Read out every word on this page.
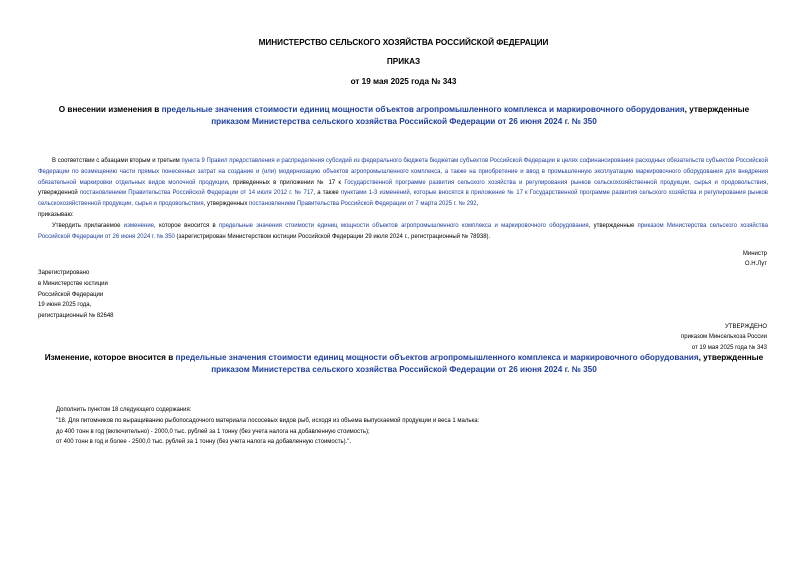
МИНИСТЕРСТВО СЕЛЬСКОГО ХОЗЯЙСТВА РОССИЙСКОЙ ФЕДЕРАЦИИ
ПРИКАЗ
от 19 мая 2025 года № 343
О внесении изменения в предельные значения стоимости единиц мощности объектов агропромышленного комплекса и маркировочного оборудования, утвержденные приказом Министерства сельского хозяйства Российской Федерации от 26 июня 2024 г. № 350

В соответствии с абзацами вторым и третьим пункта 9 Правил предоставления и распределения субсидий из федерального бюджета бюджетам субъектов Российской Федерации в целях софинансирования расходных обязательств субъектов Российской Федерации по возмещению части прямых понесенных затрат на создание и (или) модернизацию объектов агропромышленного комплекса, а также на приобретение и ввод в промышленную эксплуатацию маркировочного оборудования для внедрения обязательной маркировки отдельных видов молочной продукции, приведенных в приложении № 17 к Государственной программе развития сельского хозяйства и регулирования рынков сельскохозяйственной продукции, сырья и продовольствия, утвержденной постановлением Правительства Российской Федерации от 14 июля 2012 г. № 717, а также пунктами 1-3 изменений, которые вносятся в приложение № 17 к Государственной программе развития сельского хозяйства и регулирования рынков сельскохозяйственной продукции, сырья и продовольствия, утвержденных постановлением Правительства Российской Федерации от 7 марта 2025 г. № 292,

приказываю:

Утвердить прилагаемое изменение, которое вносится в предельные значения стоимости единиц мощности объектов агропромышленного комплекса и маркировочного оборудования, утвержденные приказом Министерства сельского хозяйства Российской Федерации от 26 июня 2024 г. № 350 (зарегистрирован Министерством юстиции Российской Федерации 29 июля 2024 г., регистрационный № 78938).

Министр
О.Н.Лут
Зарегистрировано
в Министерстве юстиции
Российской Федерации
19 июня 2025 года,
регистрационный № 82648
УТВЕРЖДЕНО
приказом Минсельхоза России
от 19 мая 2025 года № 343
Изменение, которое вносится в предельные значения стоимости единиц мощности объектов агропромышленного комплекса и маркировочного оборудования, утвержденные приказом Министерства сельского хозяйства Российской Федерации от 26 июня 2024 г. № 350
Дополнить пунктом 18 следующего содержания:
"18. Для питомников по выращиванию рыбопосадочного материала лососевых видов рыб, исходя из объема выпускаемой продукции и веса 1 малька:
до 400 тонн в год (включительно) - 2000,0 тыс. рублей за 1 тонну (без учета налога на добавленную стоимость);
от 400 тонн в год и более - 2500,0 тыс. рублей за 1 тонну (без учета налога на добавленную стоимость).".
